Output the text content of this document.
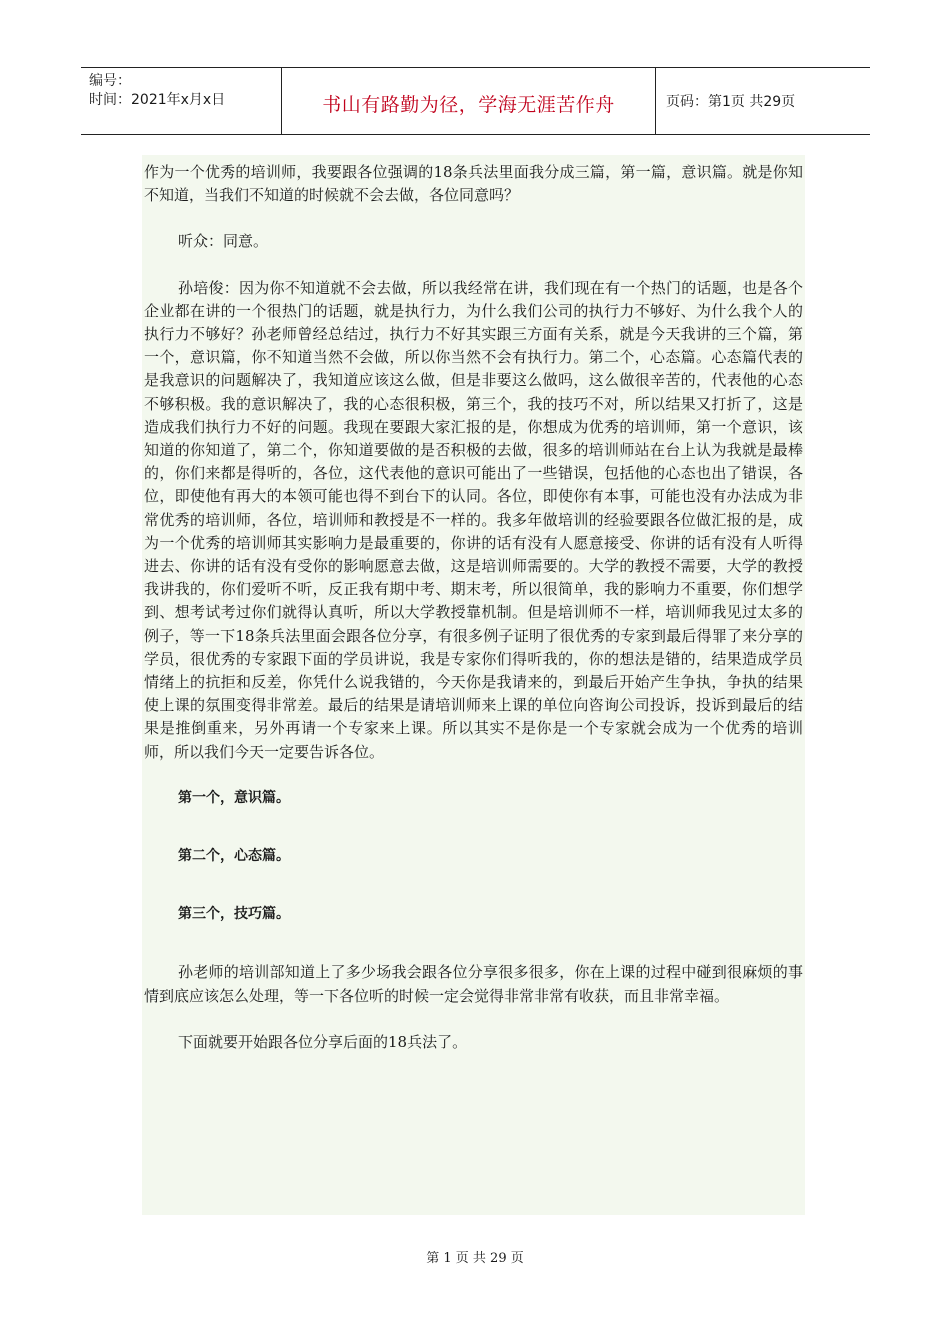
编号：
时间：2021年x月x日	书山有路勤为径，学海无涯苦作舟	页码：第1页 共29页

作为一个优秀的培训师，我要跟各位强调的18条兵法里面我分成三篇，第一篇，意识篇。就是你知不知道，当我们不知道的时候就不会去做，各位同意吗？

听众：同意。

孙培俊：因为你不知道就不会去做，所以我经常在讲，我们现在有一个热门的话题，也是各个企业都在讲的一个很热门的话题，就是执行力，为什么我们公司的执行力不够好、为什么我个人的执行力不够好？孙老师曾经总结过，执行力不好其实跟三方面有关系，就是今天我讲的三个篇，第一个，意识篇，你不知道当然不会做，所以你当然不会有执行力。第二个，心态篇。心态篇代表的是我意识的问题解决了，我知道应该这么做，但是非要这么做吗，这么做很辛苦的，代表他的心态不够积极。我的意识解决了，我的心态很积极，第三个，我的技巧不对，所以结果又打折了，这是造成我们执行力不好的问题。我现在要跟大家汇报的是，你想成为优秀的培训师，第一个意识，该知道的你知道了，第二个，你知道要做的是否积极的去做，很多的培训师站在台上认为我就是最棒的，你们来都是得听的，各位，这代表他的意识可能出了一些错误，包括他的心态也出了错误，各位，即使他有再大的本领可能也得不到台下的认同。各位，即使你有本事，可能也没有办法成为非常优秀的培训师，各位，培训师和教授是不一样的。我多年做培训的经验要跟各位做汇报的是，成为一个优秀的培训师其实影响力是最重要的，你讲的话有没有人愿意接受、你讲的话有没有人听得进去、你讲的话有没有受你的影响愿意去做，这是培训师需要的。大学的教授不需要，大学的教授我讲我的，你们爱听不听，反正我有期中考、期末考，所以很简单，我的影响力不重要，你们想学到、想考试考过你们就得认真听，所以大学教授靠机制。但是培训师不一样，培训师我见过太多的例子，等一下18条兵法里面会跟各位分享，有很多例子证明了很优秀的专家到最后得罪了来分享的学员，很优秀的专家跟下面的学员讲说，我是专家你们得听我的，你的想法是错的，结果造成学员情绪上的抗拒和反差，你凭什么说我错的，今天你是我请来的，到最后开始产生争执，争执的结果使上课的氛围变得非常差。最后的结果是请培训师来上课的单位向咨询公司投诉，投诉到最后的结果是推倒重来，另外再请一个专家来上课。所以其实不是你是一个专家就会成为一个优秀的培训师，所以我们今天一定要告诉各位。

第一个，意识篇。

第二个，心态篇。

第三个，技巧篇。

孙老师的培训部知道上了多少场我会跟各位分享很多很多，你在上课的过程中碰到很麻烦的事情到底应该怎么处理，等一下各位听的时候一定会觉得非常非常有收获，而且非常幸福。

下面就要开始跟各位分享后面的18兵法了。

第 1 页 共 29 页
